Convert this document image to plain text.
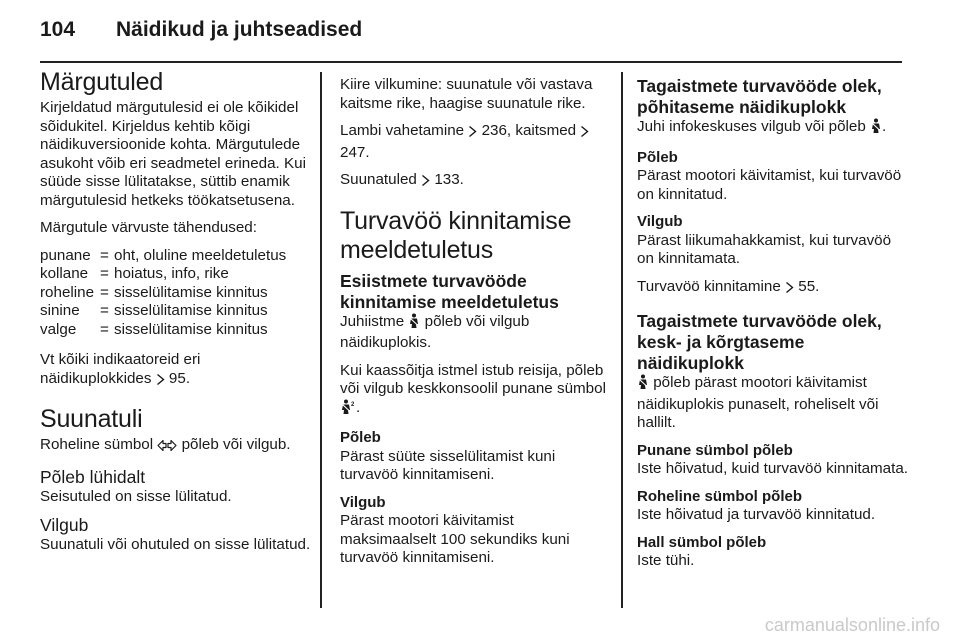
104 Näidikud ja juhtseadised
Märgutuled

Kirjeldatud märgutulesid ei ole kõikidel sõidukitel. Kirjeldus kehtib kõigi näidikuversioonide kohta. Märgutulede asukoht võib eri seadmetel erineda. Kui süüde sisse lülitatakse, süttib enamik märgutulesid hetkeks töökatsetusena.

Märgutule värvuste tähendused:

punane = oht, oluline meeldetuletus
kollane = hoiatus, info, rike
roheline = sisselülitamise kinnitus
sinine	= sisselülitamise kinnitus
valge	= sisselülitamise kinnitus

Vt kõiki indikaatoreid eri näidikuplokkides 95.

Suunatuli

Roheline sümbol põleb või vilgub.

Põleb lühidalt

Seisutuled on sisse lülitatud.

Vilgub

Suunatuli või ohutuled on sisse lülitatud.

Kiire vilkumine: suunatule või vastava kaitsme rike, haagise suunatule rike.

Lambi vahetamine 236, kaitsmed  247.

Suunatuled 133.

Turvavöö kinnitamise meeldetuletus
Esiistmete turvavööde kinnitamise meeldetuletus

Juhiistme põleb või vilgub näidikuplokis.

Kui kaassõitja istmel istub reisija, põleb või vilgub keskkonsoolil punane sümbol
2 .

Põleb

Pärast süüte sisselülitamist kuni turvavöö kinnitamiseni.

Vilgub

Pärast mootori käivitamist maksimaalselt 100 sekundiks kuni turvavöö kinnitamiseni.

Tagaistmete turvavööde olek, põhitaseme näidikuplokk

Juhi infokeskuses vilgub või põleb .

Põleb

Pärast mootori käivitamist, kui turvavöö on kinnitatud.

Vilgub

Pärast liikumahakkamist, kui turvavöö on kinnitamata.

Turvavöö kinnitamine 55.

Tagaistmete turvavööde olek, kesk- ja kõrgtaseme näidikuplokk

põleb pärast mootori käivitamist näidikuplokis punaselt, roheliselt või hallilt.

Punane sümbol põleb

Iste hõivatud, kuid turvavöö kinnitamata.

Roheline sümbol põleb

Iste hõivatud ja turvavöö kinnitatud.

Hall sümbol põleb

Iste tühi.

carmanualsonline.info
